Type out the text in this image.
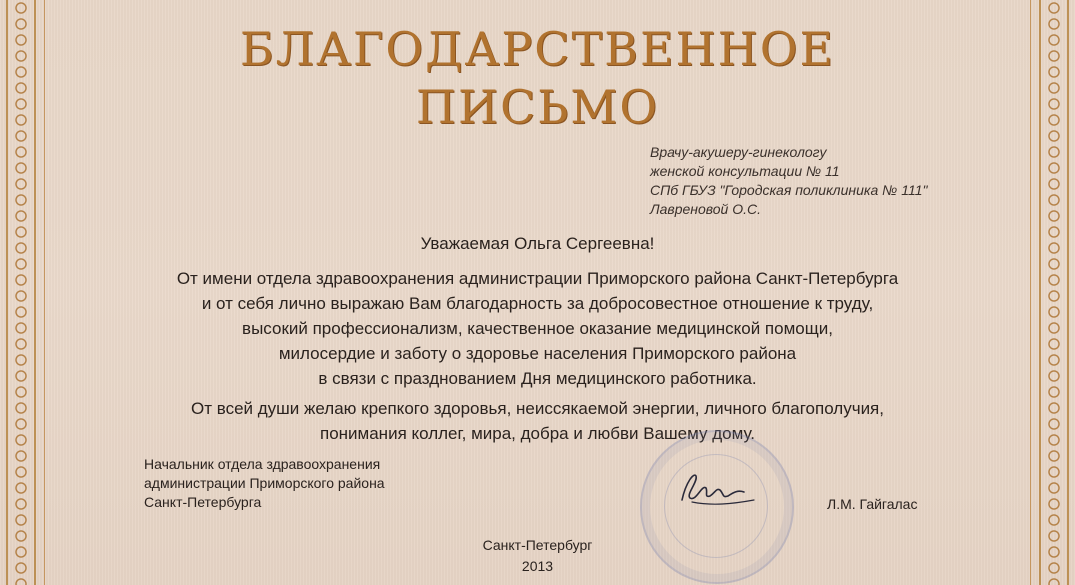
БЛАГОДАРСТВЕННОЕ
ПИСЬМО
Врачу-акушеру-гинекологу
женской консультации № 11
СПб ГБУЗ "Городская поликлиника № 111"
Лавреновой О.С.
Уважаемая Ольга Сергеевна!
От имени отдела здравоохранения администрации Приморского района Санкт-Петербурга
и от себя лично выражаю Вам благодарность за добросовестное отношение к труду,
высокий профессионализм, качественное оказание медицинской помощи,
милосердие и заботу о здоровье населения Приморского района
в связи с празднованием Дня медицинского работника.
От всей души желаю крепкого здоровья, неиссякаемой энергии, личного благополучия,
понимания коллег, мира, добра и любви Вашему дому.
Начальник отдела здравоохранения
администрации Приморского района
Санкт-Петербурга	Л.М. Гайгалас
Санкт-Петербург
2013
